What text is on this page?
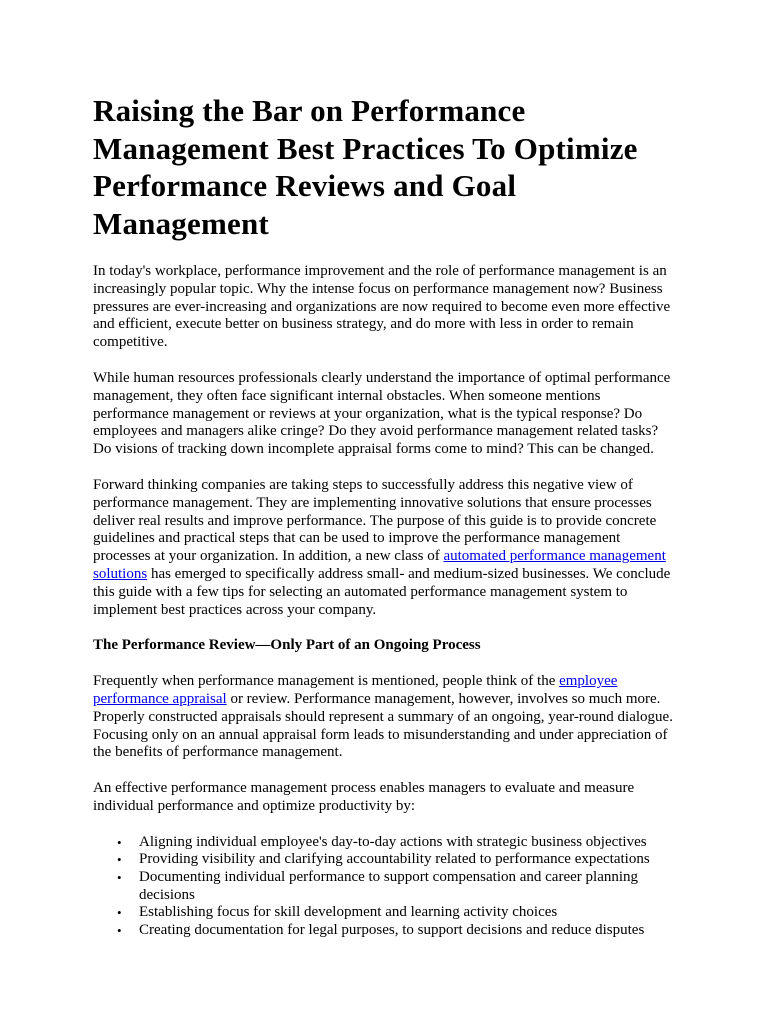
Raising the Bar on Performance Management Best Practices To Optimize Performance Reviews and Goal Management

In today's workplace, performance improvement and the role of performance management is an increasingly popular topic. Why the intense focus on performance management now? Business pressures are ever-increasing and organizations are now required to become even more effective and efficient, execute better on business strategy, and do more with less in order to remain competitive.

While human resources professionals clearly understand the importance of optimal performance management, they often face significant internal obstacles. When someone mentions performance management or reviews at your organization, what is the typical response? Do employees and managers alike cringe? Do they avoid performance management related tasks? Do visions of tracking down incomplete appraisal forms come to mind? This can be changed.

Forward thinking companies are taking steps to successfully address this negative view of performance management. They are implementing innovative solutions that ensure processes deliver real results and improve performance. The purpose of this guide is to provide concrete guidelines and practical steps that can be used to improve the performance management processes at your organization. In addition, a new class of automated performance management solutions has emerged to specifically address small- and medium-sized businesses. We conclude this guide with a few tips for selecting an automated performance management system to implement best practices across your company.

The Performance Review—Only Part of an Ongoing Process

Frequently when performance management is mentioned, people think of the employee performance appraisal or review. Performance management, however, involves so much more. Properly constructed appraisals should represent a summary of an ongoing, year-round dialogue. Focusing only on an annual appraisal form leads to misunderstanding and under appreciation of the benefits of performance management.

An effective performance management process enables managers to evaluate and measure individual performance and optimize productivity by:

• Aligning individual employee's day-to-day actions with strategic business objectives
• Providing visibility and clarifying accountability related to performance expectations
• Documenting individual performance to support compensation and career planning decisions
• Establishing focus for skill development and learning activity choices
• Creating documentation for legal purposes, to support decisions and reduce disputes
